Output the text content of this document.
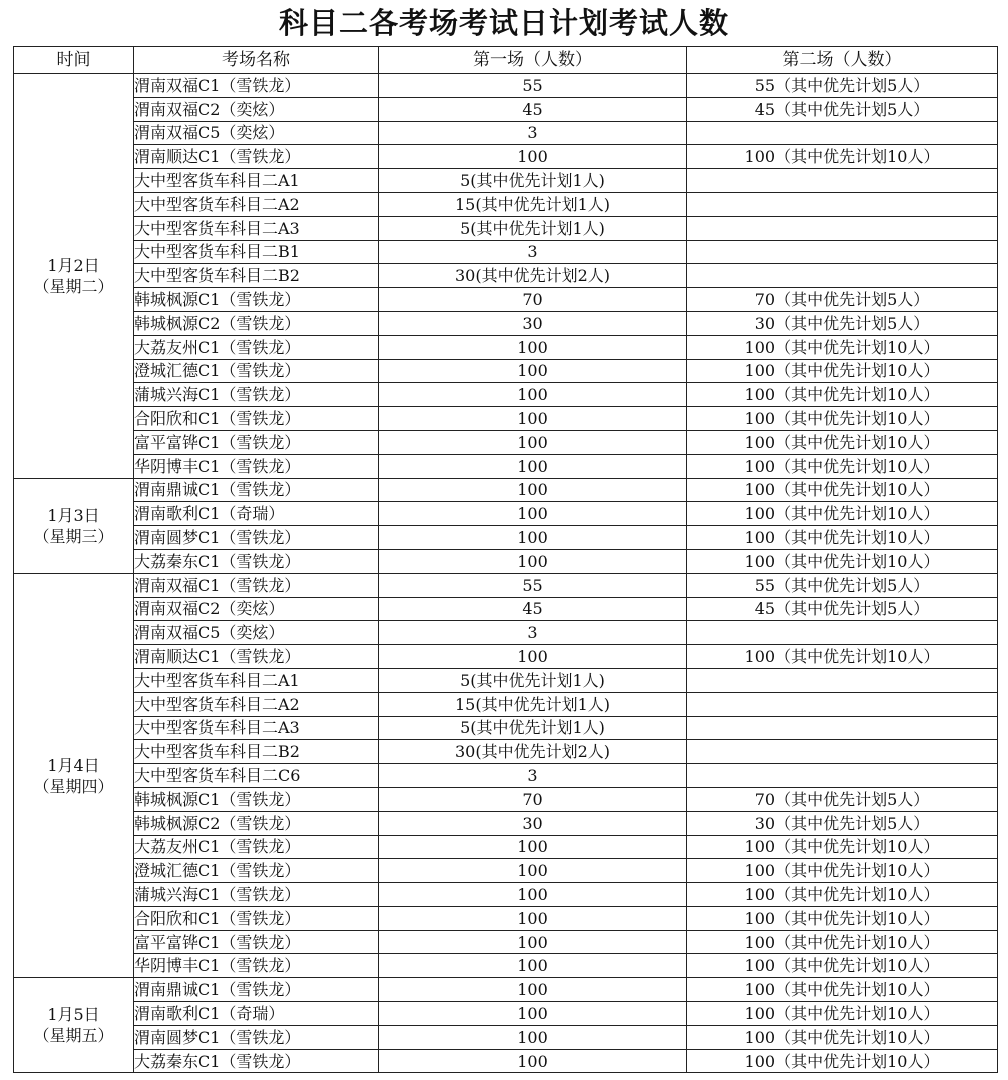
科目二各考场考试日计划考试人数
时间	考场名称	第一场（人数）	第二场（人数）

1月2日
（星期二）	渭南双福C1（雪铁龙）	55	55（其中优先计划5人）
	渭南双福C2（奕炫）	45	45（其中优先计划5人）
	渭南双福C5（奕炫）	3	
	渭南顺达C1（雪铁龙）	100	100（其中优先计划10人）
	大中型客货车科目二A1	5(其中优先计划1人)	
	大中型客货车科目二A2	15(其中优先计划1人)	
	大中型客货车科目二A3	5(其中优先计划1人)	
	大中型客货车科目二B1	3	
	大中型客货车科目二B2	30(其中优先计划2人)	
	韩城枫源C1（雪铁龙）	70	70（其中优先计划5人）
	韩城枫源C2（雪铁龙）	30	30（其中优先计划5人）
	大荔友州C1（雪铁龙）	100	100（其中优先计划10人）
	澄城汇德C1（雪铁龙）	100	100（其中优先计划10人）
	蒲城兴海C1（雪铁龙）	100	100（其中优先计划10人）
	合阳欣和C1（雪铁龙）	100	100（其中优先计划10人）
	富平富铧C1（雪铁龙）	100	100（其中优先计划10人）
	华阴博丰C1（雪铁龙）	100	100（其中优先计划10人）

1月3日
（星期三）	渭南鼎诚C1（雪铁龙）	100	100（其中优先计划10人）
	渭南歌利C1（奇瑞）	100	100（其中优先计划10人）
	渭南圆梦C1（雪铁龙）	100	100（其中优先计划10人）
	大荔秦东C1（雪铁龙）	100	100（其中优先计划10人）

1月4日
（星期四）	渭南双福C1（雪铁龙）	55	55（其中优先计划5人）
	渭南双福C2（奕炫）	45	45（其中优先计划5人）
	渭南双福C5（奕炫）	3	
	渭南顺达C1（雪铁龙）	100	100（其中优先计划10人）
	大中型客货车科目二A1	5(其中优先计划1人)	
	大中型客货车科目二A2	15(其中优先计划1人)	
	大中型客货车科目二A3	5(其中优先计划1人)	
	大中型客货车科目二B2	30(其中优先计划2人)	
	大中型客货车科目二C6	3	
	韩城枫源C1（雪铁龙）	70	70（其中优先计划5人）
	韩城枫源C2（雪铁龙）	30	30（其中优先计划5人）
	大荔友州C1（雪铁龙）	100	100（其中优先计划10人）
	澄城汇德C1（雪铁龙）	100	100（其中优先计划10人）
	蒲城兴海C1（雪铁龙）	100	100（其中优先计划10人）
	合阳欣和C1（雪铁龙）	100	100（其中优先计划10人）
	富平富铧C1（雪铁龙）	100	100（其中优先计划10人）
	华阴博丰C1（雪铁龙）	100	100（其中优先计划10人）

1月5日
（星期五）	渭南鼎诚C1（雪铁龙）	100	100（其中优先计划10人）
	渭南歌利C1（奇瑞）	100	100（其中优先计划10人）
	渭南圆梦C1（雪铁龙）	100	100（其中优先计划10人）
	大荔秦东C1（雪铁龙）	100	100（其中优先计划10人）
